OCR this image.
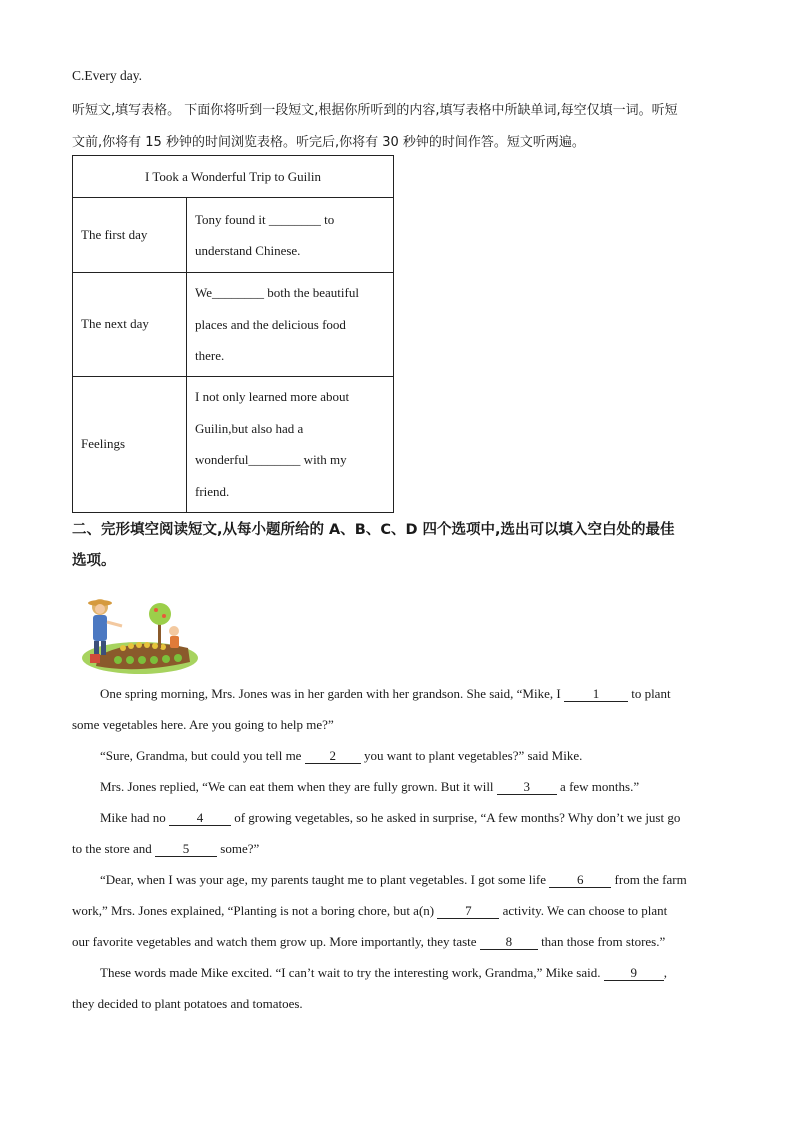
C.Every day.
听短文,填写表格。 下面你将听到一段短文,根据你所听到的内容,填写表格中所缺单词,每空仅填一词。听短
文前,你将有 15 秒钟的时间浏览表格。听完后,你将有 30 秒钟的时间作答。短文听两遍。
I Took a Wonderful Trip to Guilin	
The first day	Tony found it ________ to
understand Chinese.

The next day	We________ both the beautiful
places and the delicious food
there.

Feelings	I not only learned more about
Guilin,but also had a
wonderful________ with my
friend.
二、完形填空阅读短文,从每小题所给的 A、B、C、D 四个选项中,选出可以填入空白处的最佳
选项。
One spring morning, Mrs. Jones was in her garden with her grandson. She said, “Mike, I 1 to plant
some vegetables here. Are you going to help me?”
“Sure, Grandma, but could you tell me 2 you want to plant vegetables?” said Mike.
Mrs. Jones replied, “We can eat them when they are fully grown. But it will 3 a few months.”
Mike had no 4 of growing vegetables, so he asked in surprise, “A few months? Why don’t we just go
to the store and 5 some?”
“Dear, when I was your age, my parents taught me to plant vegetables. I got some life 6 from the farm
work,” Mrs. Jones explained, “Planting is not a boring chore, but a(n) 7 activity. We can choose to plant
our favorite vegetables and watch them grow up. More importantly, they taste 8 than those from stores.”
These words made Mike excited. “I can’t wait to try the interesting work, Grandma,” Mike said. 9 ,
they decided to plant potatoes and tomatoes.
